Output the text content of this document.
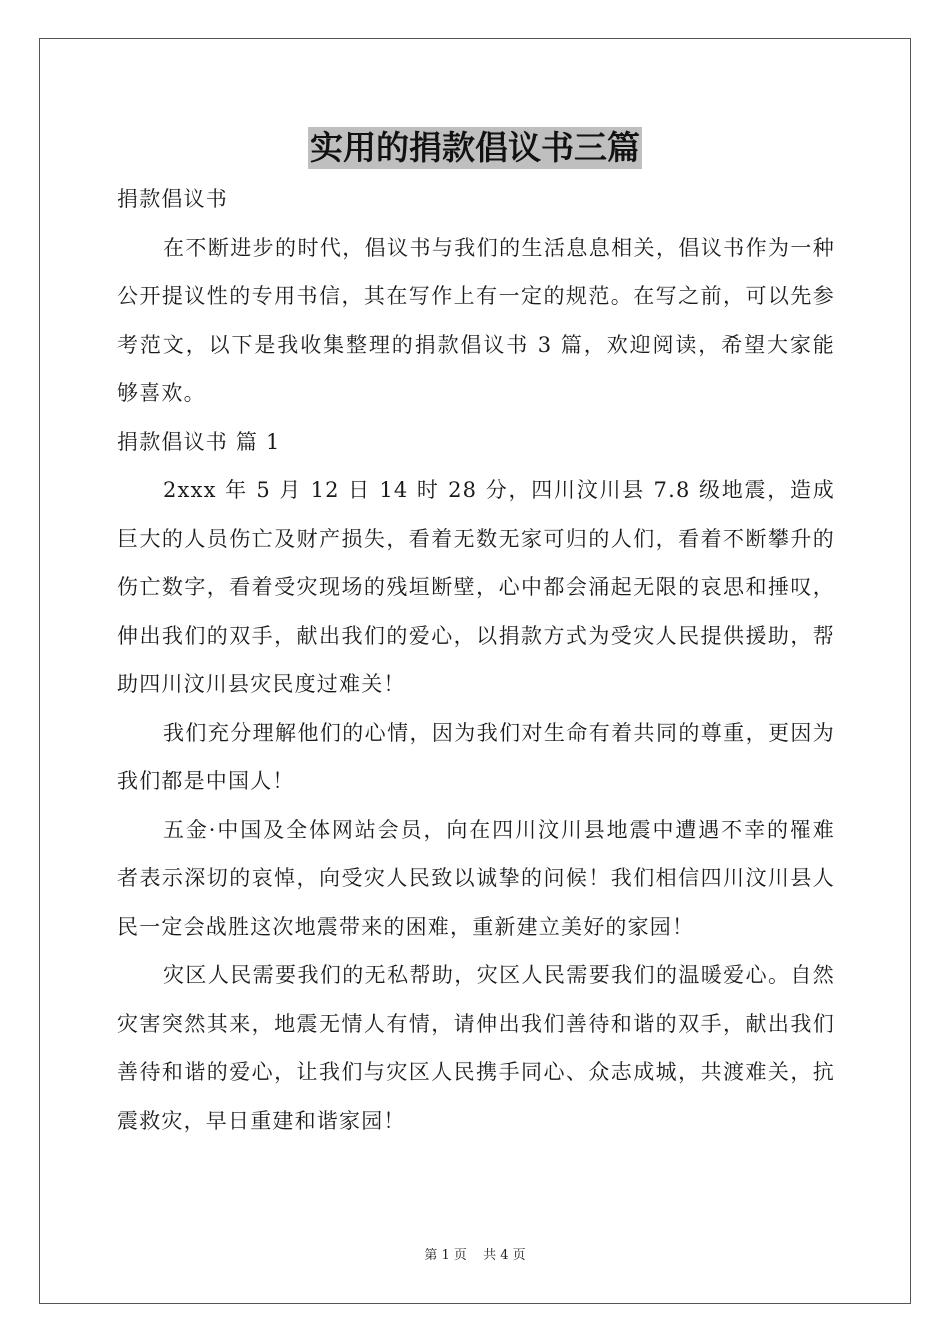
实用的捐款倡议书三篇

捐款倡议书

在不断进步的时代，倡议书与我们的生活息息相关，倡议书作为一种公开提议性的专用书信，其在写作上有一定的规范。在写之前，可以先参考范文，以下是我收集整理的捐款倡议书 3 篇，欢迎阅读，希望大家能够喜欢。

捐款倡议书 篇 1

2xxx 年 5 月 12 日 14 时 28 分，四川汶川县 7.8 级地震，造成巨大的人员伤亡及财产损失，看着无数无家可归的人们，看着不断攀升的伤亡数字，看着受灾现场的残垣断壁，心中都会涌起无限的哀思和捶叹，伸出我们的双手，献出我们的爱心，以捐款方式为受灾人民提供援助，帮助四川汶川县灾民度过难关！

我们充分理解他们的心情，因为我们对生命有着共同的尊重，更因为我们都是中国人！

五金·中国及全体网站会员，向在四川汶川县地震中遭遇不幸的罹难者表示深切的哀悼，向受灾人民致以诚挚的问候！我们相信四川汶川县人民一定会战胜这次地震带来的困难，重新建立美好的家园！

灾区人民需要我们的无私帮助，灾区人民需要我们的温暖爱心。自然灾害突然其来，地震无情人有情，请伸出我们善待和谐的双手，献出我们善待和谐的爱心，让我们与灾区人民携手同心、众志成城，共渡难关，抗震救灾，早日重建和谐家园！

第 1 页 共 4 页
